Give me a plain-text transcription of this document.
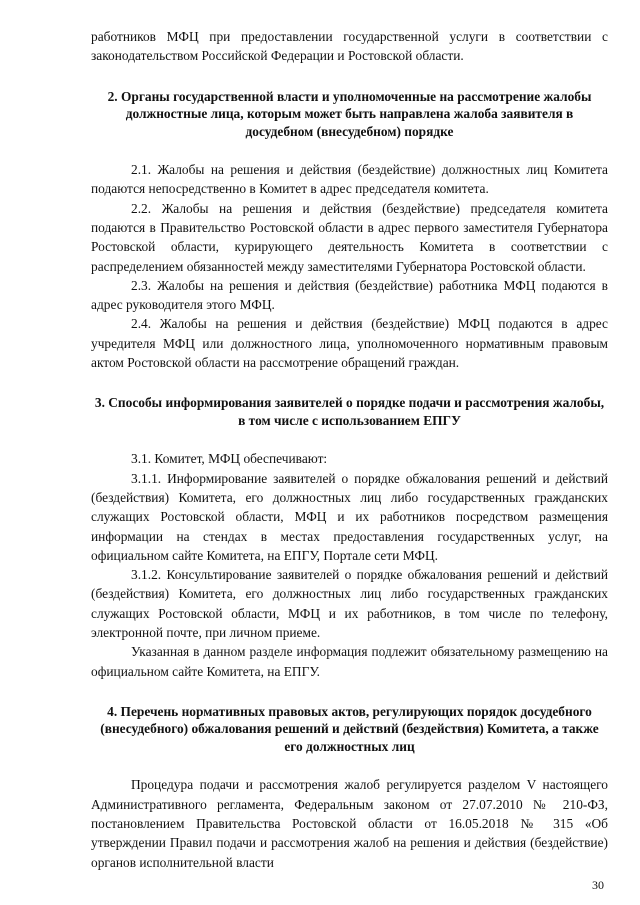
работников МФЦ при предоставлении государственной услуги в соответствии с законодательством Российской Федерации и Ростовской области.

2. Органы государственной власти и уполномоченные на рассмотрение жалобы должностные лица, которым может быть направлена жалоба заявителя в досудебном (внесудебном) порядке

2.1. Жалобы на решения и действия (бездействие) должностных лиц Комитета подаются непосредственно в Комитет в адрес председателя комитета.

2.2. Жалобы на решения и действия (бездействие) председателя комитета подаются в Правительство Ростовской области в адрес первого заместителя Губернатора Ростовской области, курирующего деятельность Комитета в соответствии с распределением обязанностей между заместителями Губернатора Ростовской области.

2.3. Жалобы на решения и действия (бездействие) работника МФЦ подаются в адрес руководителя этого МФЦ.

2.4. Жалобы на решения и действия (бездействие) МФЦ подаются в адрес учредителя МФЦ или должностного лица, уполномоченного нормативным правовым актом Ростовской области на рассмотрение обращений граждан.

3. Способы информирования заявителей о порядке подачи и рассмотрения жалобы, в том числе с использованием ЕПГУ

3.1. Комитет, МФЦ обеспечивают:

3.1.1. Информирование заявителей о порядке обжалования решений и действий (бездействия) Комитета, его должностных лиц либо государственных гражданских служащих Ростовской области, МФЦ и их работников посредством размещения информации на стендах в местах предоставления государственных услуг, на официальном сайте Комитета, на ЕПГУ, Портале сети МФЦ.

3.1.2. Консультирование заявителей о порядке обжалования решений и действий (бездействия) Комитета, его должностных лиц либо государственных гражданских служащих Ростовской области, МФЦ и их работников, в том числе по телефону, электронной почте, при личном приеме.

Указанная в данном разделе информация подлежит обязательному размещению на официальном сайте Комитета, на ЕПГУ.

4. Перечень нормативных правовых актов, регулирующих порядок досудебного (внесудебного) обжалования решений и действий (бездействия) Комитета, а также его должностных лиц

Процедура подачи и рассмотрения жалоб регулируется разделом V настоящего Административного регламента, Федеральным законом от 27.07.2010 № 210-ФЗ, постановлением Правительства Ростовской области от 16.05.2018 № 315 «Об утверждении Правил подачи и рассмотрения жалоб на решения и действия (бездействие) органов исполнительной власти

30
